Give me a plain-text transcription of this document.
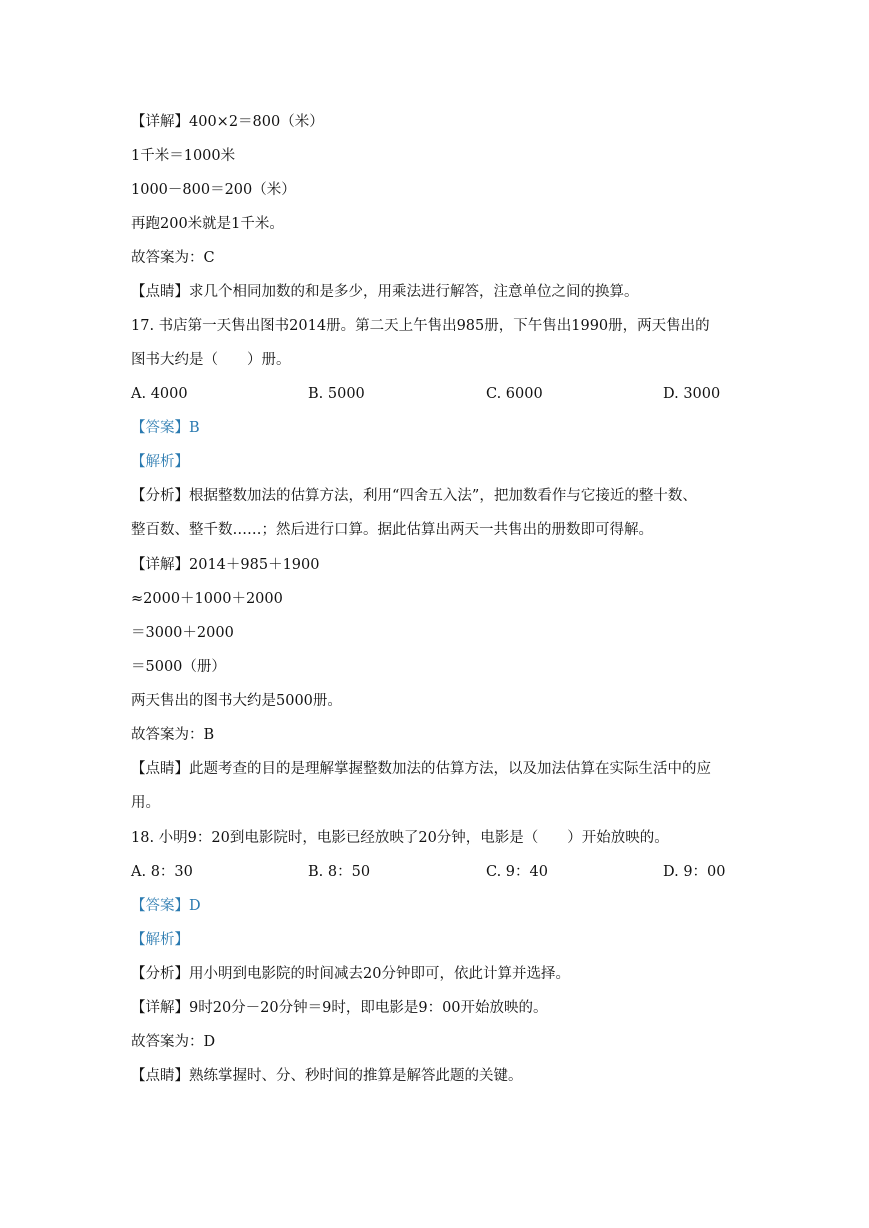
【详解】400×2＝800（米）
1千米＝1000米
1000－800＝200（米）
再跑200米就是1千米。
故答案为：C
【点睛】求几个相同加数的和是多少，用乘法进行解答，注意单位之间的换算。
17. 书店第一天售出图书2014册。第二天上午售出985册，下午售出1990册，两天售出的
图书大约是（　　）册。
A. 4000	B. 5000	C. 6000	D. 3000
【答案】B
【解析】
【分析】根据整数加法的估算方法，利用“四舍五入法”，把加数看作与它接近的整十数、
整百数、整千数……；然后进行口算。据此估算出两天一共售出的册数即可得解。
【详解】2014＋985＋1900
≈2000＋1000＋2000
＝3000＋2000
＝5000（册）
两天售出的图书大约是5000册。
故答案为：B
【点睛】此题考查的目的是理解掌握整数加法的估算方法，以及加法估算在实际生活中的应
用。
18. 小明9：20到电影院时，电影已经放映了20分钟，电影是（　　）开始放映的。
A. 8：30	B. 8：50	C. 9：40	D. 9：00
【答案】D
【解析】
【分析】用小明到电影院的时间减去20分钟即可，依此计算并选择。
【详解】9时20分－20分钟＝9时，即电影是9：00开始放映的。
故答案为：D
【点睛】熟练掌握时、分、秒时间的推算是解答此题的关键。
